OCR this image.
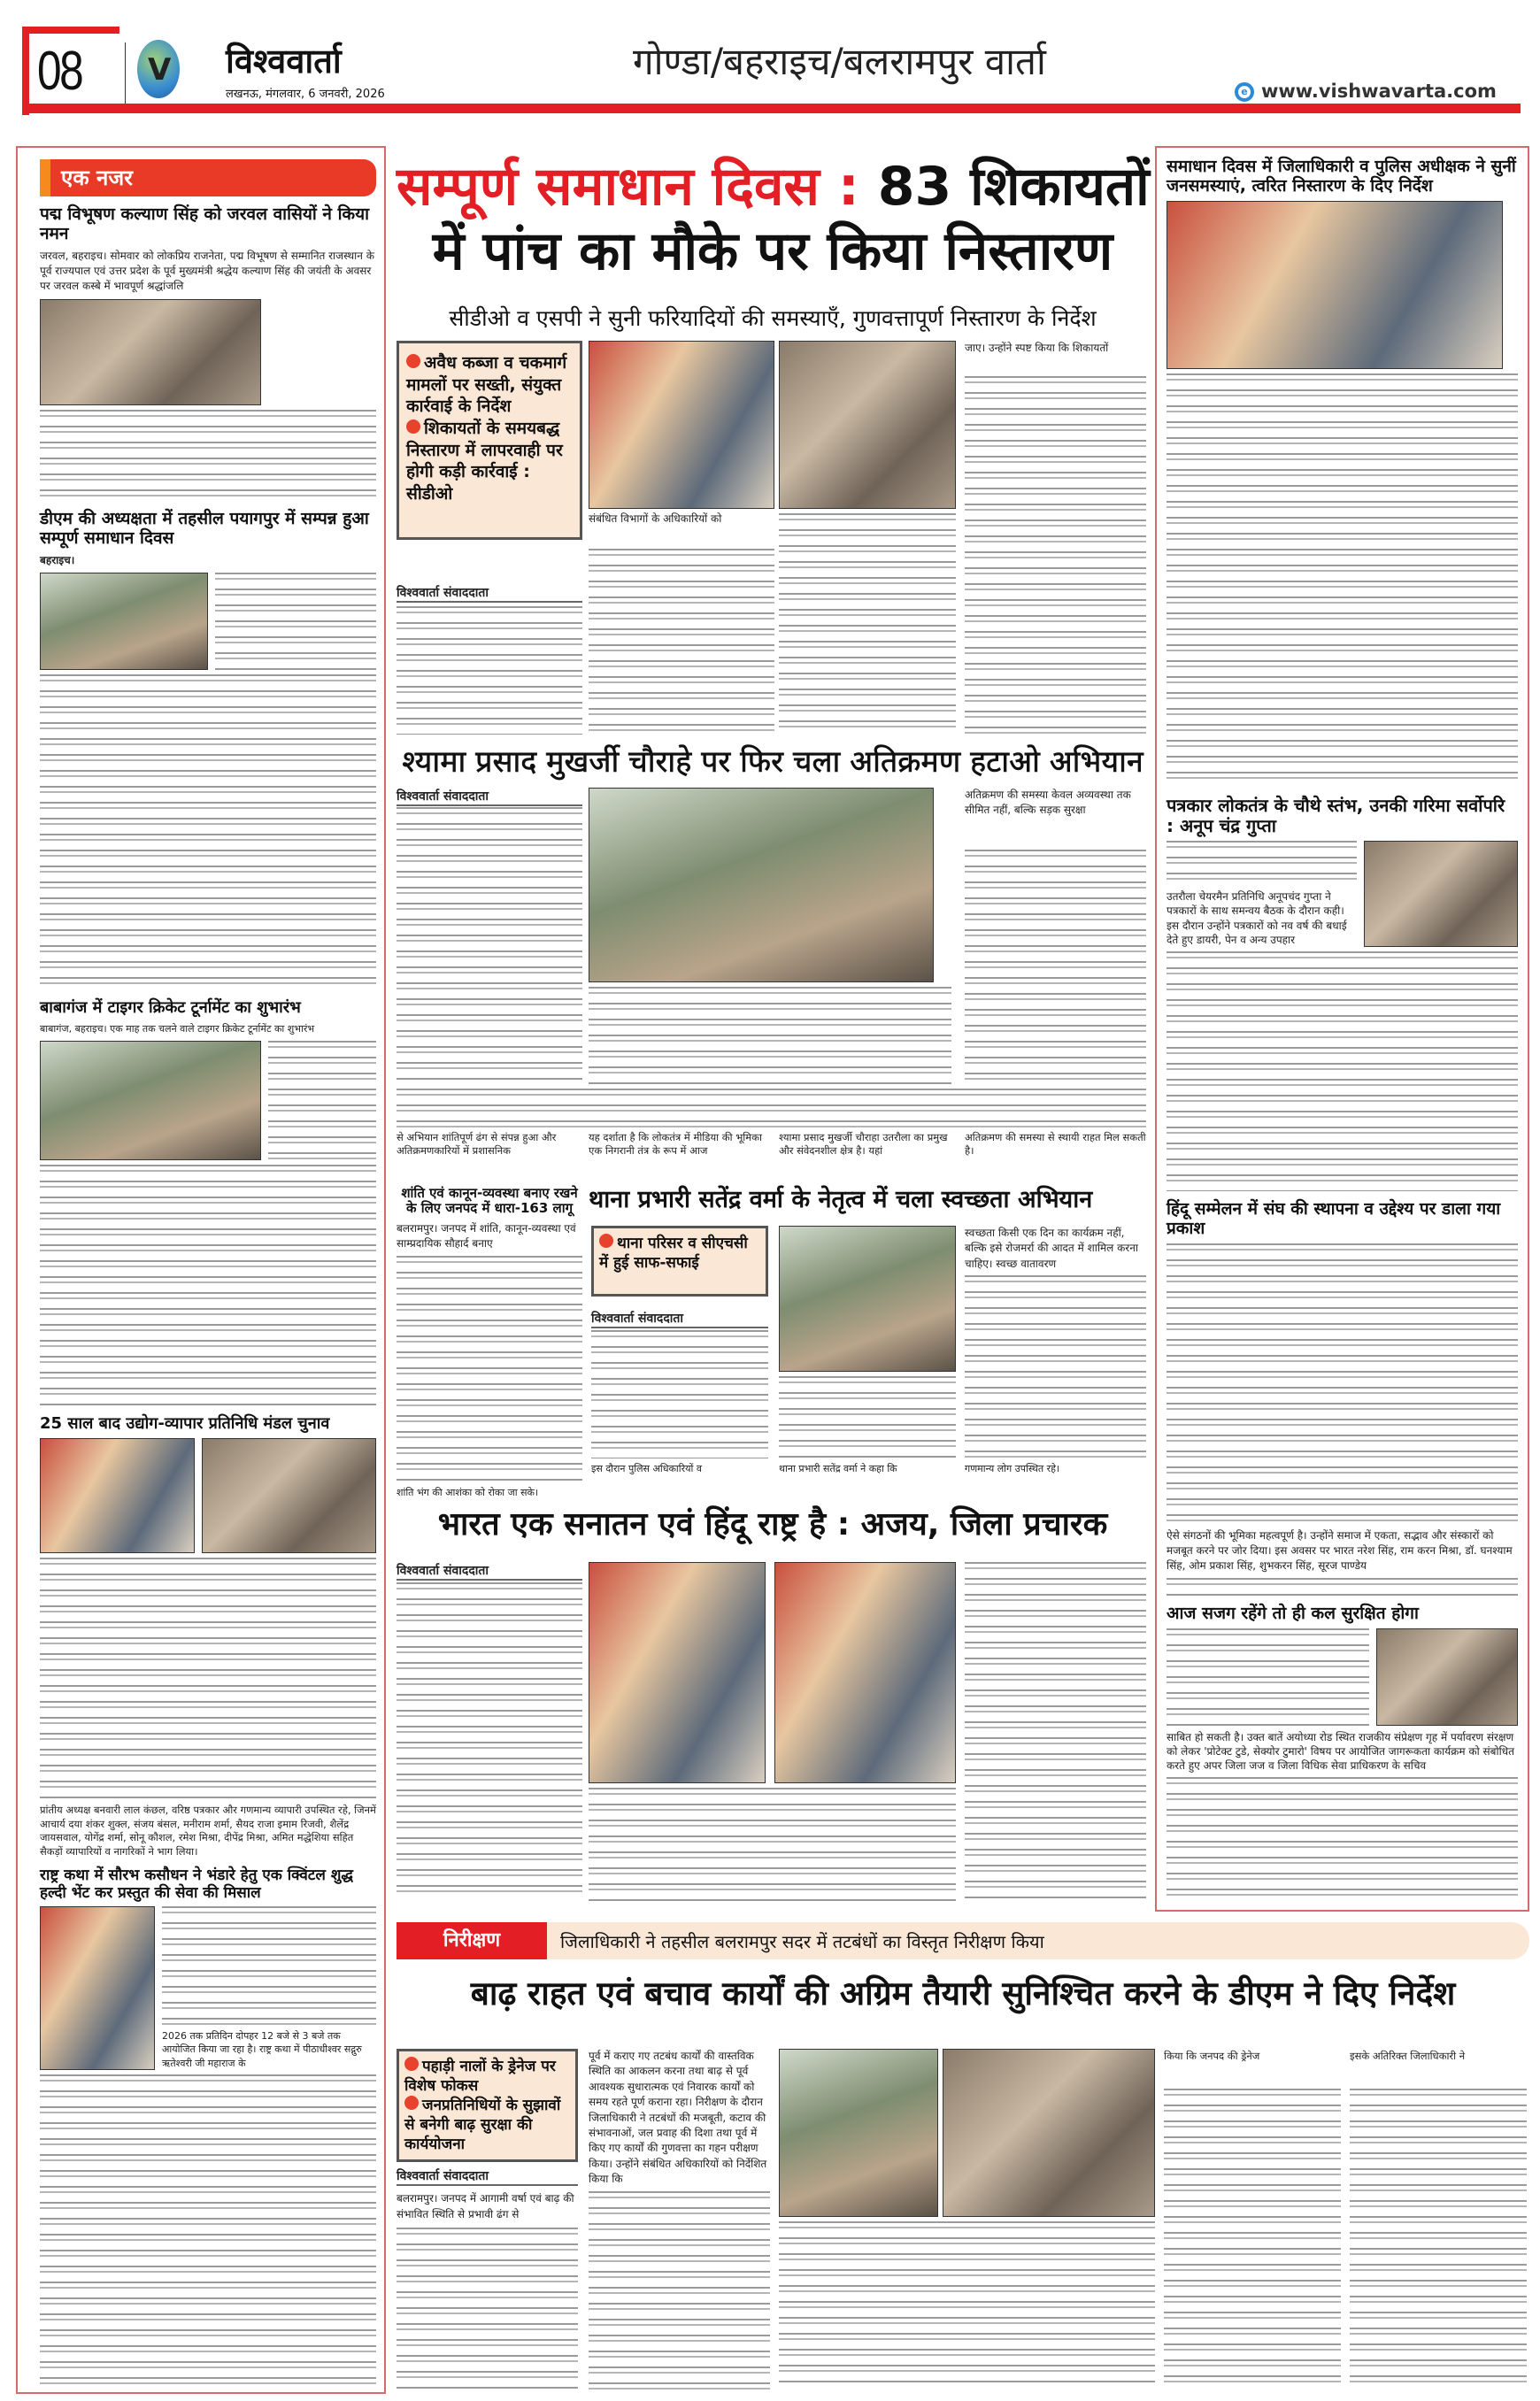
08 V विश्ववार्ता
लखनऊ, मंगलवार, 6 जनवरी, 2026
गोण्डा/बहराइच/बलरामपुर वार्ता
e www.vishwavarta.com
एक नजर
पद्म विभूषण कल्याण सिंह को जरवल वासियों ने किया नमन
जरवल, बहराइच। सोमवार को लोकप्रिय राजनेता, पद्म विभूषण से सम्मानित राजस्थान के पूर्व राज्यपाल एवं उत्तर प्रदेश के पूर्व मुख्यमंत्री श्रद्धेय कल्याण सिंह की जयंती के अवसर पर जरवल कस्बे में भावपूर्ण श्रद्धांजलि
डीएम की अध्यक्षता में तहसील पयागपुर में सम्पन्न हुआ सम्पूर्ण समाधान दिवस
बहराइच।
बाबागंज में टाइगर क्रिकेट टूर्नामेंट का शुभारंभ
बाबागंज, बहराइच। एक माह तक चलने वाले टाइगर क्रिकेट टूर्नामेंट का शुभारंभ
25 साल बाद उद्योग-व्यापार प्रतिनिधि मंडल चुनाव
प्रांतीय अध्यक्ष बनवारी लाल कंछल, वरिष्ठ पत्रकार और गणमान्य व्यापारी उपस्थित रहे, जिनमें आचार्य दया शंकर शुक्ल, संजय बंसल, मनीराम शर्मा, सैयद राजा इमाम रिजवी, शैलेंद्र जायसवाल, योगेंद्र शर्मा, सोनू कौशल, रमेश मिश्रा, दीपेंद्र मिश्रा, अमित मद्धेशिया सहित सैकड़ों व्यापारियों व नागरिकों ने भाग लिया।
राष्ट्र कथा में सौरभ कसौधन ने भंडारे हेतु एक क्विंटल शुद्ध हल्दी भेंट कर प्रस्तुत की सेवा की मिसाल
2026 तक प्रतिदिन दोपहर 12 बजे से 3 बजे तक आयोजित किया जा रहा है। राष्ट्र कथा में पीठाधीश्वर सद्गुरु ऋतेश्वरी जी महाराज के
सम्पूर्ण समाधान दिवस : 83 शिकायतों
में पांच का मौके पर किया निस्तारण
सीडीओ व एसपी ने सुनी फरियादियों की समस्याएँ, गुणवत्तापूर्ण निस्तारण के निर्देश
अवैध कब्जा व चकमार्ग मामलों पर सख्ती, संयुक्त कार्रवाई के निर्देश
शिकायतों के समयबद्ध निस्तारण में लापरवाही पर होगी कड़ी कार्रवाई : सीडीओ
संबंधित विभागों के अधिकारियों को
जाए। उन्होंने स्पष्ट किया कि शिकायतों
विश्ववार्ता संवाददाता
श्यामा प्रसाद मुखर्जी चौराहे पर फिर चला अतिक्रमण हटाओ अभियान
विश्ववार्ता संवाददाता	अतिक्रमण की समस्या केवल अव्यवस्था तक सीमित नहीं, बल्कि सड़क सुरक्षा
से अभियान शांतिपूर्ण ढंग से संपन्न हुआ और अतिक्रमणकारियों में प्रशासनिक
यह दर्शाता है कि लोकतंत्र में मीडिया की भूमिका एक निगरानी तंत्र के रूप में आज
श्यामा प्रसाद मुखर्जी चौराहा उतरौला का प्रमुख और संवेदनशील क्षेत्र है। यहां
अतिक्रमण की समस्या से स्थायी राहत मिल सकती है।
शांति एवं कानून-व्यवस्था बनाए रखने के लिए जनपद में धारा-163 लागू
बलरामपुर। जनपद में शांति, कानून-व्यवस्था एवं साम्प्रदायिक सौहार्द बनाए
शांति भंग की आशंका को रोका जा सके।
थाना प्रभारी सतेंद्र वर्मा के नेतृत्व में चला स्वच्छता अभियान
थाना परिसर व सीएचसी में हुई साफ-सफाई
विश्ववार्ता संवाददाता
स्वच्छता किसी एक दिन का कार्यक्रम नहीं, बल्कि इसे रोजमर्रा की आदत में शामिल करना चाहिए। स्वच्छ वातावरण
इस दौरान पुलिस अधिकारियों व	थाना प्रभारी सतेंद्र वर्मा ने कहा कि	गणमान्य लोग उपस्थित रहे।
भारत एक सनातन एवं हिंदू राष्ट्र है : अजय, जिला प्रचारक
विश्ववार्ता संवाददाता
समाधान दिवस में जिलाधिकारी व पुलिस अधीक्षक ने सुनीं जनसमस्याएं, त्वरित निस्तारण के दिए निर्देश
पत्रकार लोकतंत्र के चौथे स्तंभ, उनकी गरिमा सर्वोपरि : अनूप चंद्र गुप्ता
उतरौला चेयरमैन प्रतिनिधि अनूपचंद गुप्ता ने पत्रकारों के साथ समन्वय बैठक के दौरान कही। इस दौरान उन्होंने पत्रकारों को नव वर्ष की बधाई देते हुए डायरी, पेन व अन्य उपहार
हिंदू सम्मेलन में संघ की स्थापना व उद्देश्य पर डाला गया प्रकाश
ऐसे संगठनों की भूमिका महत्वपूर्ण है। उन्होंने समाज में एकता, सद्भाव और संस्कारों को मजबूत करने पर जोर दिया। इस अवसर पर भारत नरेश सिंह, राम करन मिश्रा, डॉ. घनश्याम सिंह, ओम प्रकाश सिंह, शुभकरन सिंह, सूरज पाण्डेय
आज सजग रहेंगे तो ही कल सुरक्षित होगा
साबित हो सकती है। उक्त बातें अयोध्या रोड स्थित राजकीय संप्रेक्षण गृह में पर्यावरण संरक्षण को लेकर 'प्रोटेक्ट टुडे, सेक्योर टुमारो' विषय पर आयोजित जागरूकता कार्यक्रम को संबोधित करते हुए अपर जिला जज व जिला विधिक सेवा प्राधिकरण के सचिव
निरीक्षण	जिलाधिकारी ने तहसील बलरामपुर सदर में तटबंधों का विस्तृत निरीक्षण किया
बाढ़ राहत एवं बचाव कार्यों की अग्रिम तैयारी सुनिश्चित करने के डीएम ने दिए निर्देश
पहाड़ी नालों के ड्रेनेज पर विशेष फोकस
जनप्रतिनिधियों के सुझावों से बनेगी बाढ़ सुरक्षा की कार्ययोजना
विश्ववार्ता संवाददाता
बलरामपुर। जनपद में आगामी वर्षा एवं बाढ़ की संभावित स्थिति से प्रभावी ढंग से
पूर्व में कराए गए तटबंध कार्यों की वास्तविक स्थिति का आकलन करना तथा बाढ़ से पूर्व आवश्यक सुधारात्मक एवं निवारक कार्यों को समय रहते पूर्ण कराना रहा। निरीक्षण के दौरान जिलाधिकारी ने तटबंधों की मजबूती, कटाव की संभावनाओं, जल प्रवाह की दिशा तथा पूर्व में किए गए कार्यों की गुणवत्ता का गहन परीक्षण किया। उन्होंने संबंधित अधिकारियों को निर्देशित किया कि
किया कि जनपद की ड्रेनेज	इसके अतिरिक्त जिलाधिकारी ने
